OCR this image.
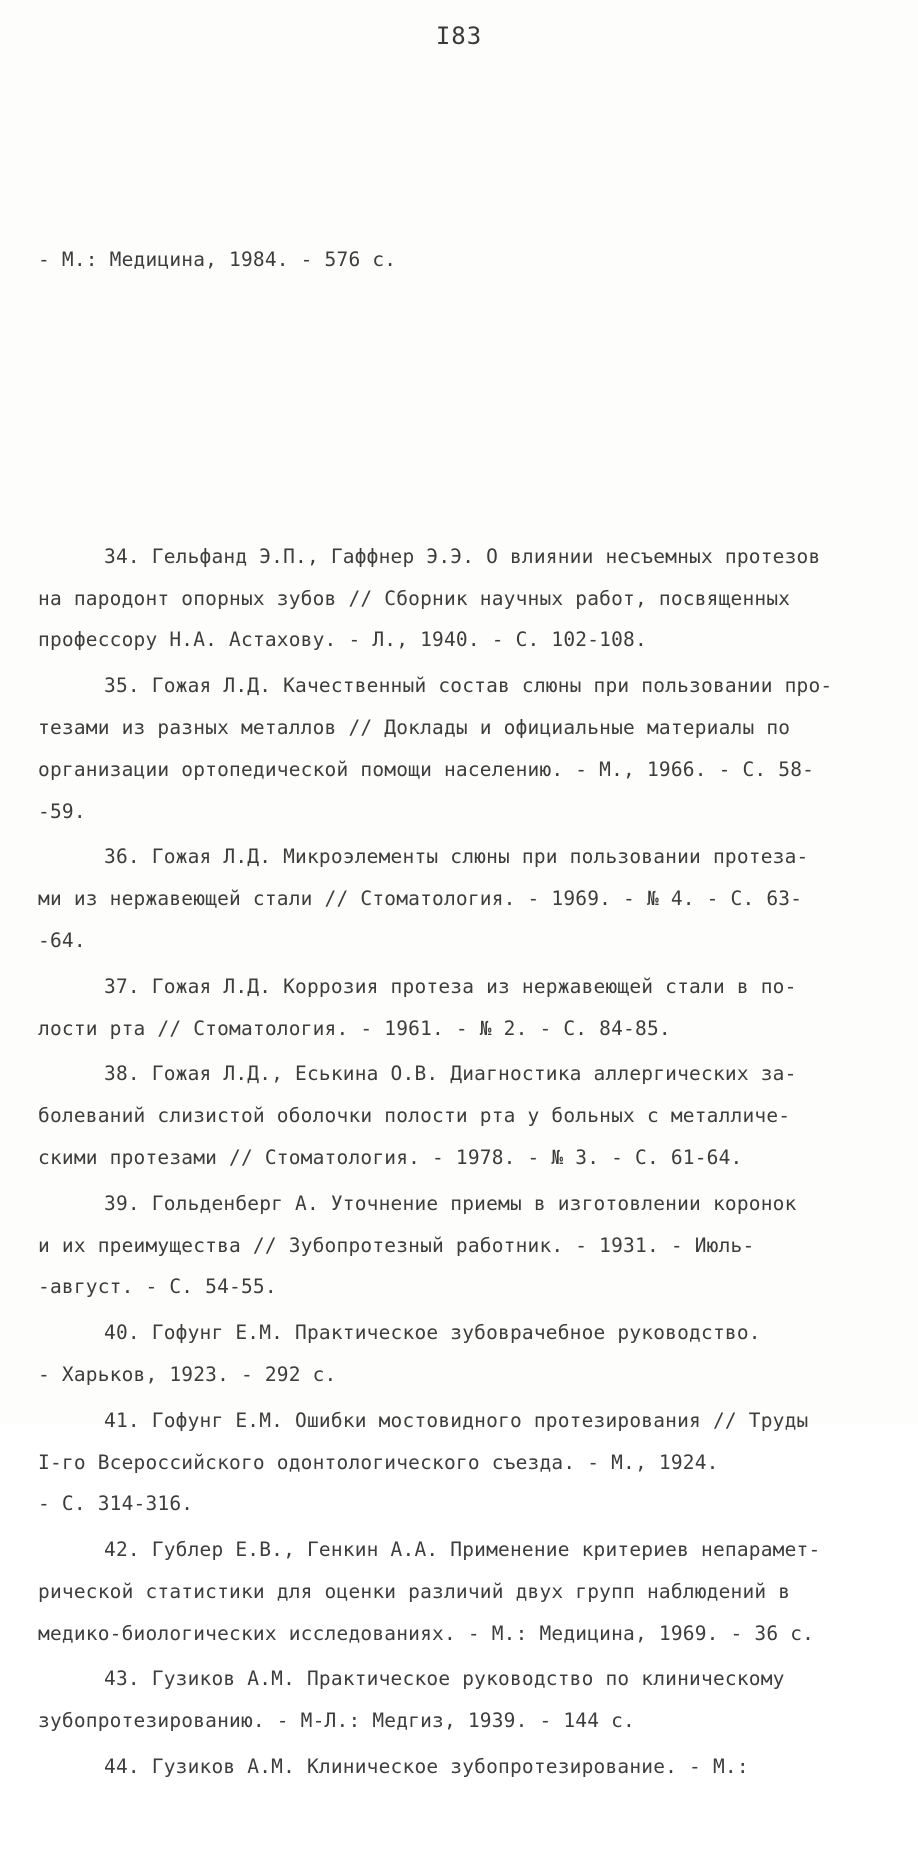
I83

- М.: Медицина, 1984. - 576 с.

34. Гельфанд Э.П., Гаффнер Э.Э. О влиянии несъемных протезов
на пародонт опорных зубов // Сборник научных работ, посвященных
профессору Н.А. Астахову. - Л., 1940. - С. 102-108.
35. Гожая Л.Д. Качественный состав слюны при пользовании про-
тезами из разных металлов // Доклады и официальные материалы по
организации ортопедической помощи населению. - М., 1966. - С. 58-
-59.
36. Гожая Л.Д. Микроэлементы слюны при пользовании протеза-
ми из нержавеющей стали // Стоматология. - 1969. - № 4. - С. 63-
-64.
37. Гожая Л.Д. Коррозия протеза из нержавеющей стали в по-
лости рта // Стоматология. - 1961. - № 2. - С. 84-85.
38. Гожая Л.Д., Еськина О.В. Диагностика аллергических за-
болеваний слизистой оболочки полости рта у больных с металличе-
скими протезами // Стоматология. - 1978. - № 3. - С. 61-64.
39. Гольденберг А. Уточнение приемы в изготовлении коронок
и их преимущества // Зубопротезный работник. - 1931. - Июль-
-август. - С. 54-55.
40. Гофунг Е.М. Практическое зубоврачебное руководство.
- Харьков, 1923. - 292 с.
41. Гофунг Е.М. Ошибки мостовидного протезирования // Труды
I-го Всероссийского одонтологического съезда. - М., 1924.
- С. 314-316.
42. Гублер Е.В., Генкин А.А. Применение критериев непарамет-
рической статистики для оценки различий двух групп наблюдений в
медико-биологических исследованиях. - М.: Медицина, 1969. - 36 с.
43. Гузиков А.М. Практическое руководство по клиническому
зубопротезированию. - М-Л.: Медгиз, 1939. - 144 с.
44. Гузиков А.М. Клиническое зубопротезирование. - М.:
